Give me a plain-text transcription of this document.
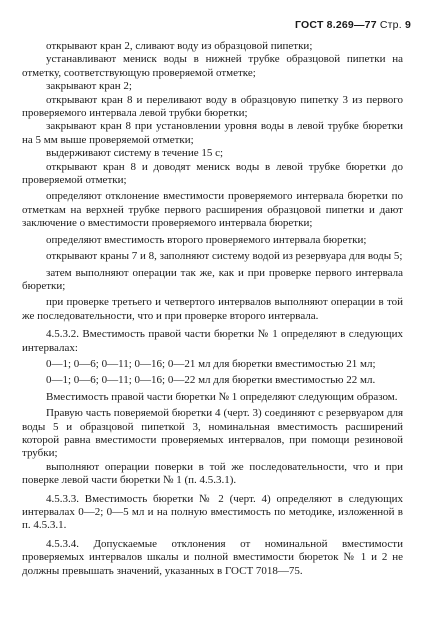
ГОСТ 8.269—77 Стр. 9

открывают кран 2, сливают воду из образцовой пипетки;

устанавливают мениск воды в нижней трубке образцовой пипетки на отметку, соответствующую проверяемой отметке;

закрывают кран 2;

открывают кран 8 и переливают воду в образцовую пипетку 3 из первого проверяемого интервала левой трубки бюретки;

закрывают кран 8 при установлении уровня воды в левой трубке бюретки на 5 мм выше проверяемой отметки;

выдерживают систему в течение 15 с;

открывают кран 8 и доводят мениск воды в левой трубке бюретки до проверяемой отметки;

определяют отклонение вместимости проверяемого интервала бюретки по отметкам на верхней трубке первого расширения образцовой пипетки и дают заключение о вместимости проверяемого интервала бюретки;

определяют вместимость второго проверяемого интервала бюретки;

открывают краны 7 и 8, заполняют систему водой из резервуара для воды 5;

затем выполняют операции так же, как и при проверке первого интервала бюретки;

при проверке третьего и четвертого интервалов выполняют операции в той же последовательности, что и при проверке второго интервала.

4.5.3.2. Вместимость правой части бюретки № 1 определяют в следующих интервалах:

0—1; 0—6; 0—11; 0—16; 0—21 мл для бюретки вместимостью 21 мл;

0—1; 0—6; 0—11; 0—16; 0—22 мл для бюретки вместимостью 22 мл.

Вместимость правой части бюретки № 1 определяют следующим образом.

Правую часть поверяемой бюретки 4 (черт. 3) соединяют с резервуаром для воды 5 и образцовой пипеткой 3, номинальная вместимость расширений которой равна вместимости проверяемых интервалов, при помощи резиновой трубки;

выполняют операции поверки в той же последовательности, что и при поверке левой части бюретки № 1 (п. 4.5.3.1).

4.5.3.3. Вместимость бюретки № 2 (черт. 4) определяют в следующих интервалах 0—2; 0—5 мл и на полную вместимость по методике, изложенной в п. 4.5.3.1.

4.5.3.4. Допускаемые отклонения от номинальной вместимости проверяемых интервалов шкалы и полной вместимости бюреток № 1 и 2 не должны превышать значений, указанных в ГОСТ 7018—75.
